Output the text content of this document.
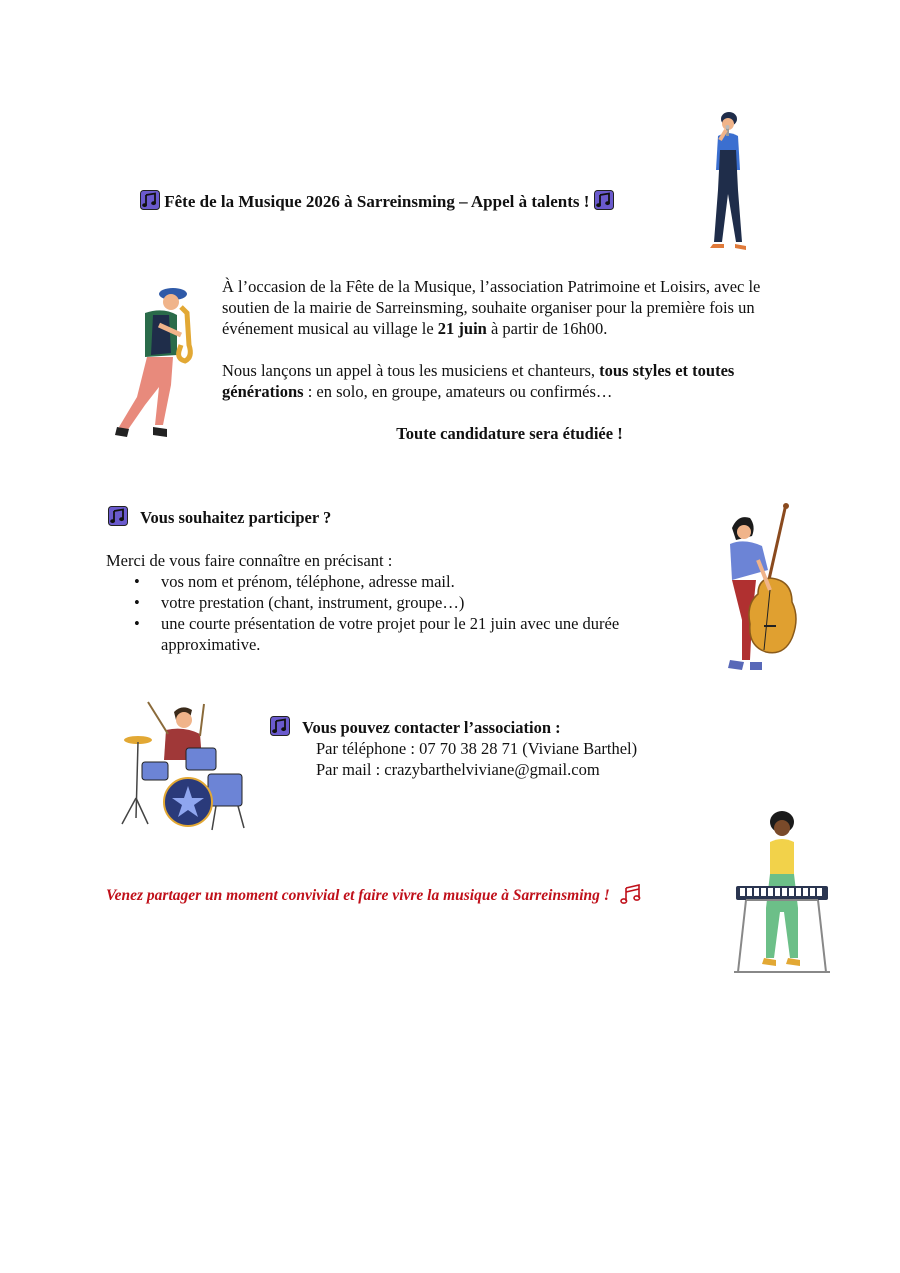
Fête de la Musique 2026 à Sarreinsming – Appel à talents !

À l’occasion de la Fête de la Musique, l’association Patrimoine et Loisirs, avec le soutien de la mairie de Sarreinsming, souhaite organiser pour la première fois un événement musical au village le 21 juin à partir de 16h00.

Nous lançons un appel à tous les musiciens et chanteurs, tous styles et toutes générations : en solo, en groupe, amateurs ou confirmés…

Toute candidature sera étudiée !
Vous souhaitez participer ?
Merci de vous faire connaître en précisant :
• vos nom et prénom, téléphone, adresse mail.
• votre prestation (chant, instrument, groupe…)
• une courte présentation de votre projet pour le 21 juin avec une durée approximative.
Vous pouvez contacter l’association :
Par téléphone : 07 70 38 28 71 (Viviane Barthel)
Par mail : crazybarthelviviane@gmail.com
Venez partager un moment convivial et faire vivre la musique à Sarreinsming !
